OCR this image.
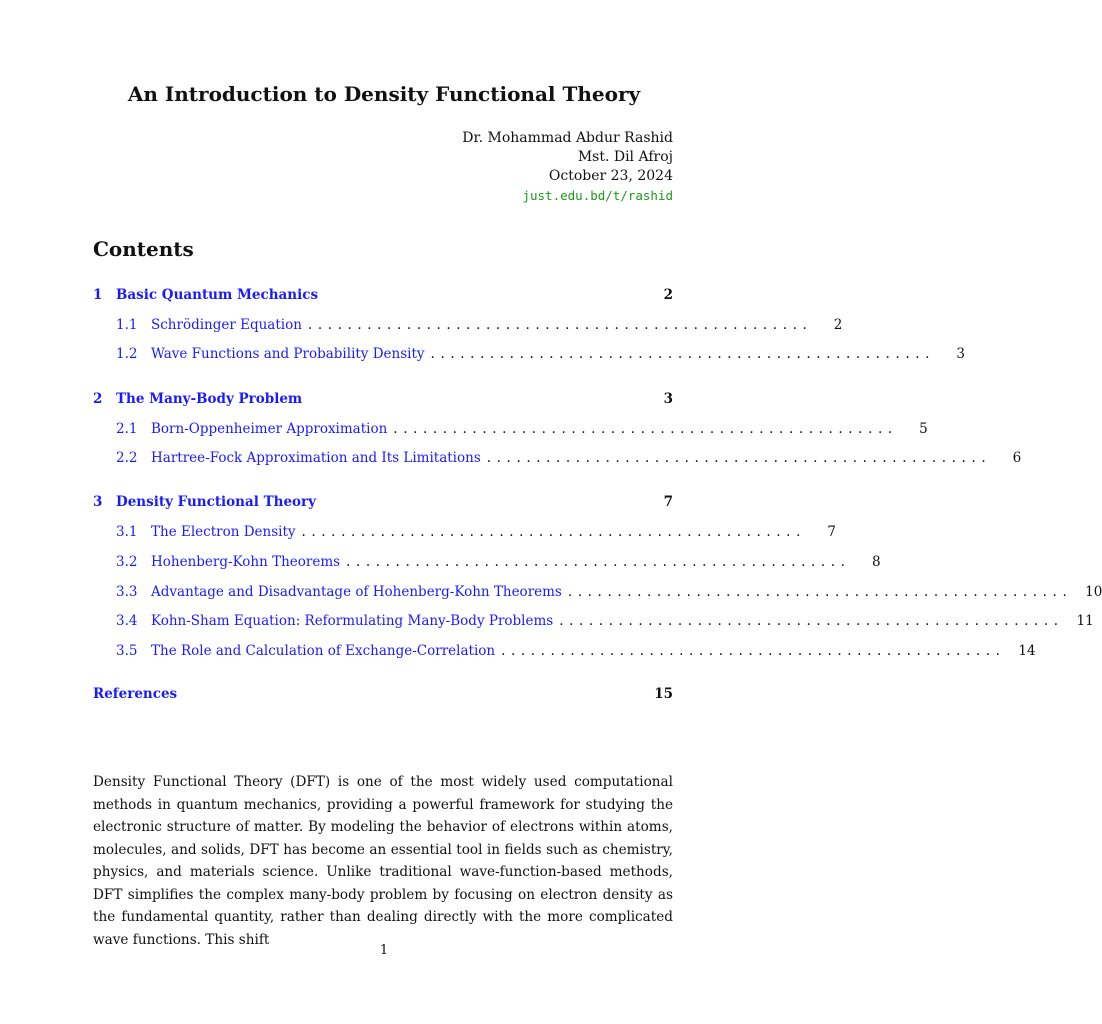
An Introduction to Density Functional Theory
Dr. Mohammad Abdur Rashid
Mst. Dil Afroj
October 23, 2024
just.edu.bd/t/rashid
Contents
1	Basic Quantum Mechanics	2
1.1	Schrödinger Equation ...................................................	2
1.2	Wave Functions and Probability Density ...................................................	3
2	The Many-Body Problem	3
2.1	Born-Oppenheimer Approximation ...................................................	5
2.2	Hartree-Fock Approximation and Its Limitations ...................................................	6
3	Density Functional Theory	7
3.1	The Electron Density ...................................................	7
3.2	Hohenberg-Kohn Theorems ...................................................	8
3.3	Advantage and Disadvantage of Hohenberg-Kohn Theorems ................................................... 10
3.4	Kohn-Sham Equation: Reformulating Many-Body Problems ................................................... 11
3.5	The Role and Calculation of Exchange-Correlation ................................................... 14
References	15

Density Functional Theory (DFT) is one of the most widely used computational methods in quantum mechanics, providing a powerful framework for studying the electronic structure of matter. By modeling the behavior of electrons within atoms, molecules, and solids, DFT has become an essential tool in fields such as chemistry, physics, and materials science. Unlike traditional wave-function-based methods, DFT simplifies the complex many-body problem by focusing on electron density as the fundamental quantity, rather than dealing directly with the more complicated wave functions. This shift

1
